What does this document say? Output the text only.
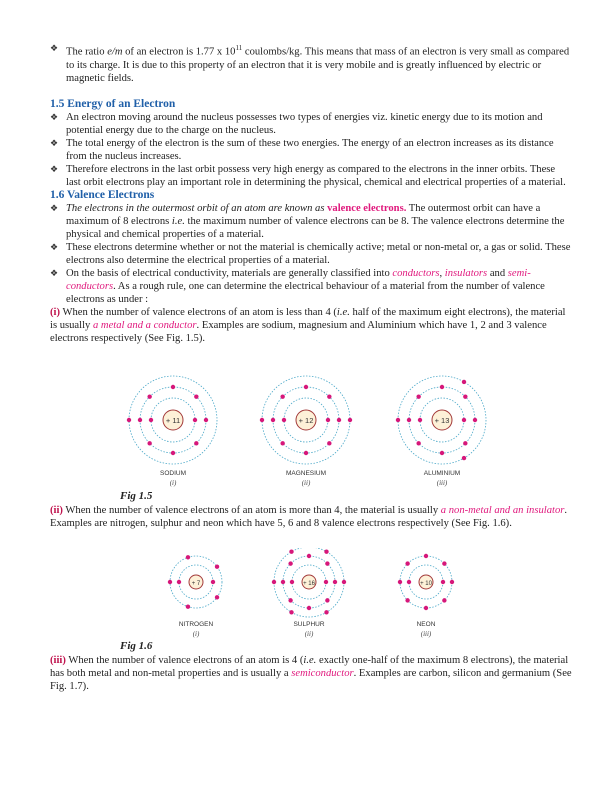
❖ The ratio e/m of an electron is 1.77 x $10^{11}$ coulombs/kg. This means that mass of an electron is very small as compared to its charge. It is due to this property of an electron that it is very mobile and is greatly influenced by electric or magnetic fields.
1.5 Energy of an Electron
❖ An electron moving around the nucleus possesses two types of energies viz. kinetic energy due to its motion and potential energy due to the charge on the nucleus.
❖ The total energy of the electron is the sum of these two energies. The energy of an electron increases as its distance from the nucleus increases.
❖ Therefore electrons in the last orbit possess very high energy as compared to the electrons in the inner orbits. These last orbit electrons play an important role in determining the physical, chemical and electrical properties of a material.
1.6 Valence Electrons
❖ The electrons in the outermost orbit of an atom are known as valence electrons. The outermost orbit can have a maximum of 8 electrons i.e. the maximum number of valence electrons can be 8. The valence electrons determine the physical and chemical properties of a material.
❖ These electrons determine whether or not the material is chemically active; metal or non-metal or, a gas or solid. These electrons also determine the electrical properties of a material.
❖ On the basis of electrical conductivity, materials are generally classified into conductors, insulators and semi-conductors. As a rough rule, one can determine the electrical behaviour of a material from the number of valence electrons as under :
(i) When the number of valence electrons of an atom is less than 4 (i.e. half of the maximum eight electrons), the material is usually a metal and a conductor. Examples are sodium, magnesium and Aluminium which have 1, 2 and 3 valence electrons respectively (See Fig. 1.5).
+ 11
SODIUM
(i)
+ 12
MAGNESIUM
(ii)
+ 13
ALUMINIUM
(iii)
Fig 1.5
(ii) When the number of valence electrons of an atom is more than 4, the material is usually a non-metal and an insulator. Examples are nitrogen, sulphur and neon which have 5, 6 and 8 valence electrons respectively (See Fig. 1.6).
+ 7
NITROGEN
(i)
+ 16
SULPHUR
(ii)
+ 10
NEON
(iii)
Fig 1.6
(iii) When the number of valence electrons of an atom is 4 (i.e. exactly one-half of the maximum 8 electrons), the material has both metal and non-metal properties and is usually a semiconductor. Examples are carbon, silicon and germanium (See Fig. 1.7).
